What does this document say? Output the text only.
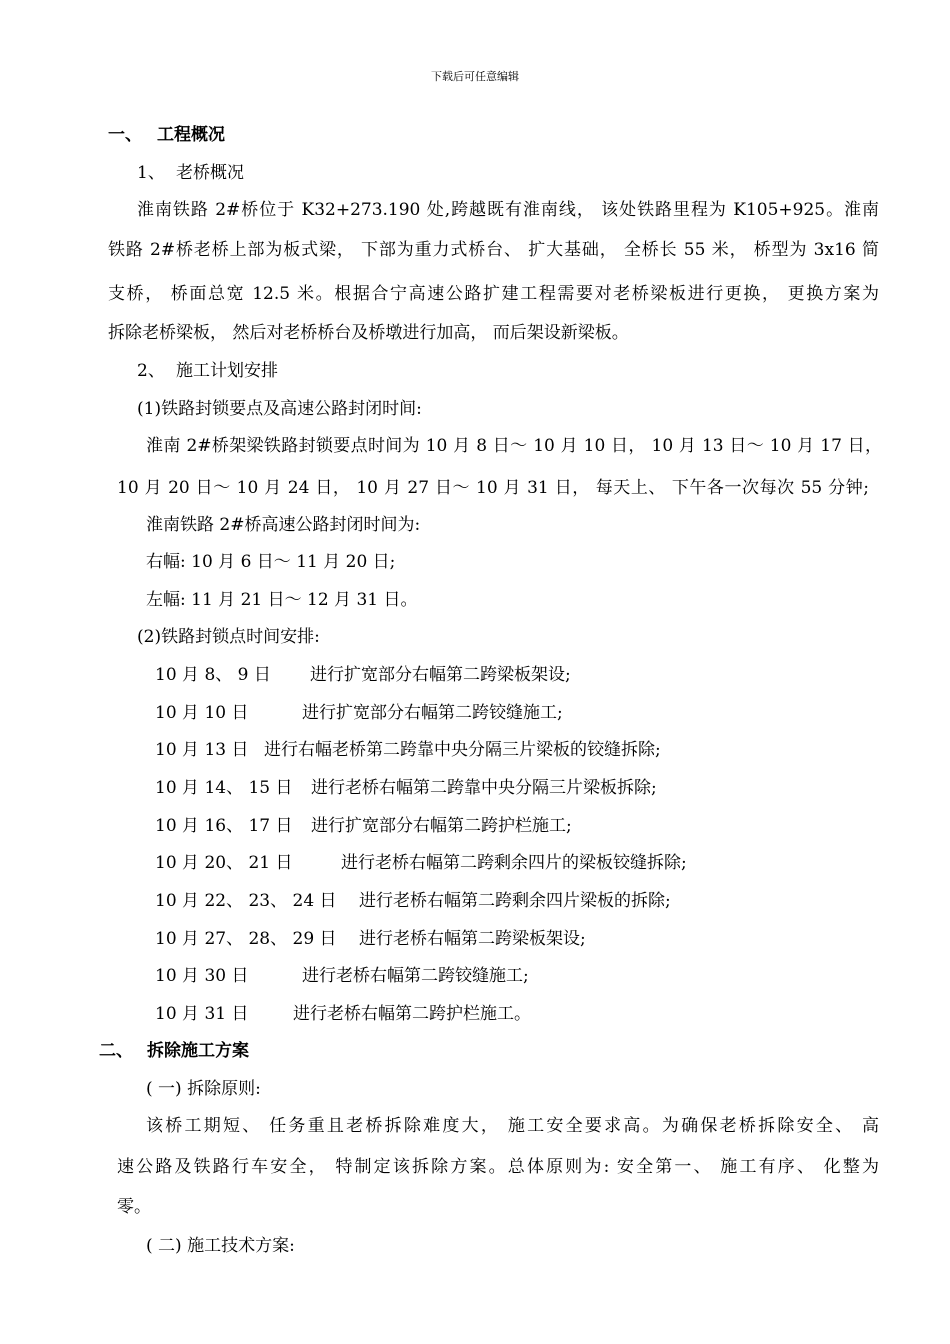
下载后可任意编辑
一、 工程概况
1、 老桥概况
淮南铁路 2#桥位于 K32+273.190 处,跨越既有淮南线， 该处铁路里程为 K105+925。淮南
铁路 2#桥老桥上部为板式梁， 下部为重力式桥台、 扩大基础， 全桥长 55 米， 桥型为 3x16 简
支桥， 桥面总宽 12.5 米。根据合宁高速公路扩建工程需要对老桥梁板进行更换， 更换方案为
拆除老桥梁板， 然后对老桥桥台及桥墩进行加高， 而后架设新梁板。
2、 施工计划安排
(1)铁路封锁要点及高速公路封闭时间:
淮南 2#桥架梁铁路封锁要点时间为 10 月 8 日～ 10 月 10 日， 10 月 13 日～ 10 月 17 日，
10 月 20 日～ 10 月 24 日， 10 月 27 日～ 10 月 31 日， 每天上、 下午各一次每次 55 分钟;
淮南铁路 2#桥高速公路封闭时间为:
右幅: 10 月 6 日～ 11 月 20 日;
左幅: 11 月 21 日～ 12 月 31 日。
(2)铁路封锁点时间安排:
10 月 8、 9 日 进行扩宽部分右幅第二跨梁板架设;
10 月 10 日	进行扩宽部分右幅第二跨铰缝施工;
10 月 13 日 进行右幅老桥第二跨靠中央分隔三片梁板的铰缝拆除;
10 月 14、 15 日 进行老桥右幅第二跨靠中央分隔三片梁板拆除;
10 月 16、 17 日 进行扩宽部分右幅第二跨护栏施工;
10 月 20、 21 日	进行老桥右幅第二跨剩余四片的梁板铰缝拆除;
10 月 22、 23、 24 日 进行老桥右幅第二跨剩余四片梁板的拆除;
10 月 27、 28、 29 日 进行老桥右幅第二跨梁板架设;
10 月 30 日	进行老桥右幅第二跨铰缝施工;
10 月 31 日	进行老桥右幅第二跨护栏施工。
二、 拆除施工方案
( 一) 拆除原则:
该桥工期短、 任务重且老桥拆除难度大， 施工安全要求高。为确保老桥拆除安全、 高
速公路及铁路行车安全， 特制定该拆除方案。总体原则为: 安全第一、 施工有序、 化整为
零。
( 二) 施工技术方案:
